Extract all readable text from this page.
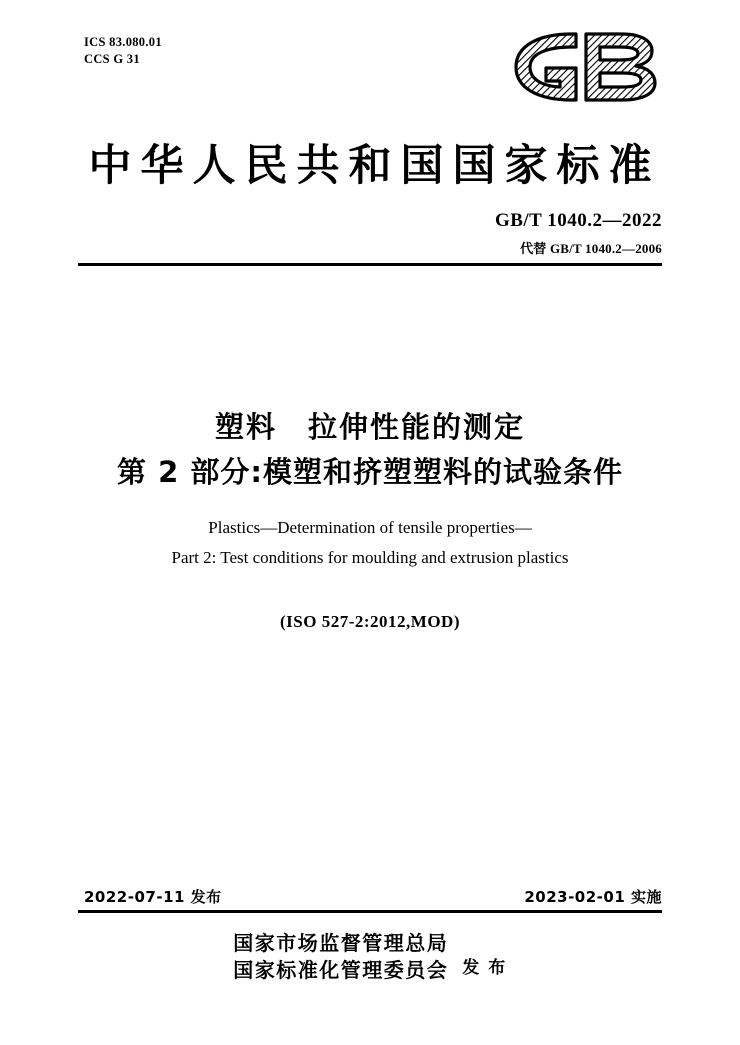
ICS 83.080.01
CCS G 31
中华人民共和国国家标准
GB/T 1040.2—2022
代替 GB/T 1040.2—2006
塑料　拉伸性能的测定
第 2 部分:模塑和挤塑塑料的试验条件
Plastics—Determination of tensile properties—
Part 2: Test conditions for moulding and extrusion plastics
(ISO 527-2:2012,MOD)
2022-07-11 发布	2023-02-01 实施
国家市场监督管理总局
国家标准化管理委员会 发 布
